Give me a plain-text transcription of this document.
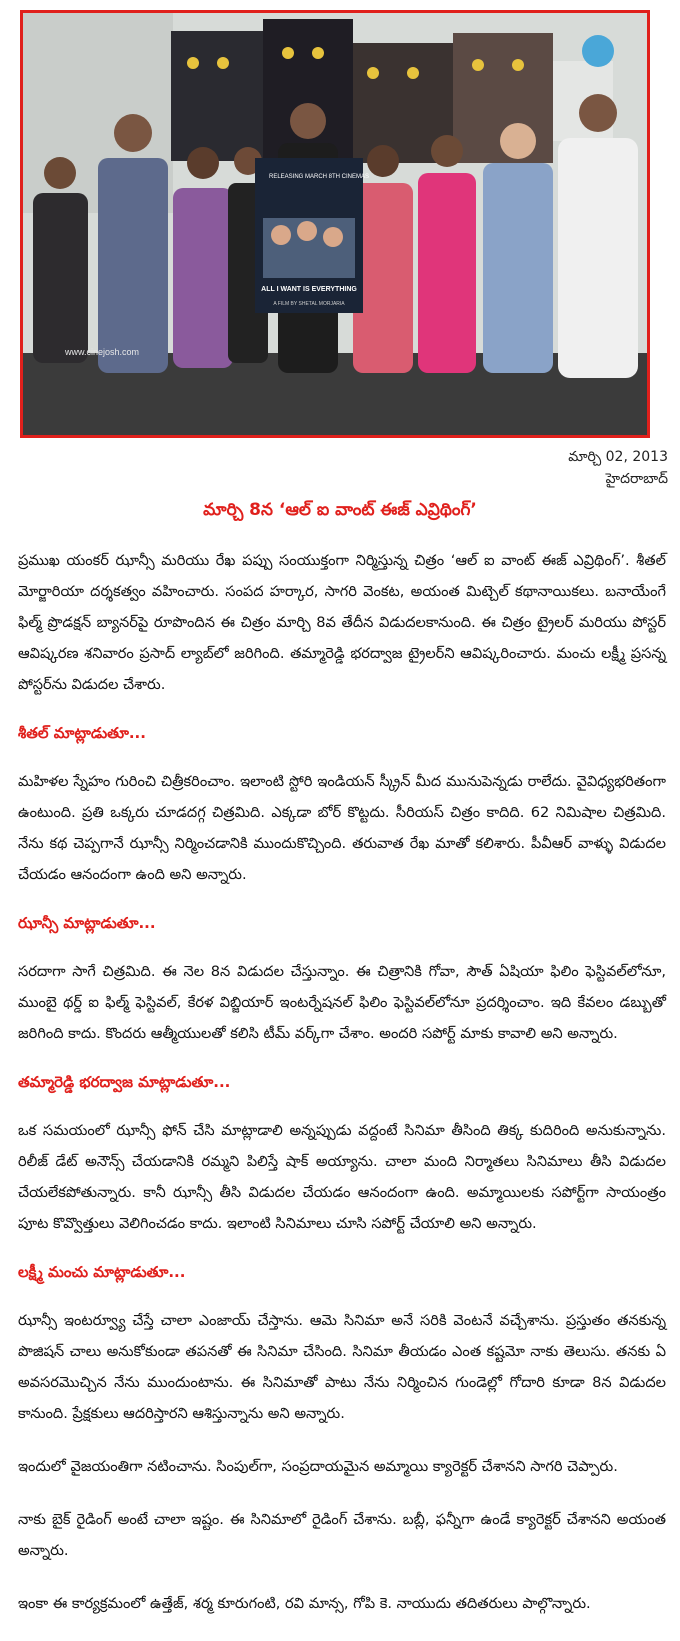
RELEASING MARCH 8TH CINEMAS
ALL I WANT IS EVERYTHING
A FILM BY SHETAL MORJARIA
www.cinejosh.com
మార్చి 02, 2013
హైదరాబాద్
మార్చి 8న ‘ఆల్ ఐ వాంట్ ఈజ్ ఎవ్రిథింగ్’

ప్రముఖ యంకర్ ఝాన్సీ మరియు రేఖ పప్పు సంయుక్తంగా నిర్మిస్తున్న చిత్రం ‘ఆల్ ఐ వాంట్ ఈజ్ ఎవ్రిథింగ్’. శీతల్ మోర్జారియా దర్శకత్వం వహించారు. సంపద హర్కార, సాగరి వెంకట, అయంత మిట్చెల్ కథానాయికలు. బనాయేంగే ఫిల్మ్ ప్రొడక్షన్ బ్యానర్‌పై రూపొందిన ఈ చిత్రం మార్చి 8వ తేదీన విడుదలకానుంది. ఈ చిత్రం ట్రైలర్ మరియు పోస్టర్ ఆవిష్కరణ శనివారం ప్రసాద్ ల్యాబ్‌లో జరిగింది. తమ్మారెడ్డి భరద్వాజ ట్రైలర్‌ని ఆవిష్కరించారు. మంచు లక్ష్మీ ప్రసన్న పోస్టర్‌ను విడుదల చేశారు.

శీతల్ మాట్లాడుతూ...

మహిళల స్నేహం గురించి చిత్రీకరించాం. ఇలాంటి స్టోరి ఇండియన్ స్క్రీన్ మీద మునుపెన్నడు రాలేదు. వైవిధ్యభరితంగా ఉంటుంది. ప్రతి ఒక్కరు చూడదగ్గ చిత్రమిది. ఎక్కడా బోర్ కొట్టదు. సీరియస్ చిత్రం కాదిది. 62 నిమిషాల చిత్రమిది. నేను కథ చెప్పగానే ఝాన్సీ నిర్మించడానికి ముందుకొచ్చింది. తరువాత రేఖ మాతో కలిశారు. పీవీఆర్ వాళ్ళు విడుదల చేయడం ఆనందంగా ఉంది అని అన్నారు.

ఝాన్సీ మాట్లాడుతూ...

సరదాగా సాగే చిత్రమిది. ఈ నెల 8న విడుదల చేస్తున్నాం. ఈ చిత్రానికి గోవా, సౌత్ ఏషియా ఫిలిం ఫెస్టివల్‌లోనూ, ముంబై థర్డ్ ఐ ఫిల్మ్ ఫెస్టివల్, కేరళ విబ్జియార్ ఇంటర్నేషనల్ ఫిలిం ఫెస్టివల్‌లోనూ ప్రదర్శించాం. ఇది కేవలం డబ్బుతో జరిగింది కాదు. కొందరు ఆత్మీయులతో కలిసి టీమ్ వర్క్‌గా చేశాం. అందరి సపోర్ట్ మాకు కావాలి అని అన్నారు.

తమ్మారెడ్డి భరద్వాజ మాట్లాడుతూ...

ఒక సమయంలో ఝాన్సీ ఫోన్ చేసి మాట్లాడాలి అన్నప్పుడు వద్దంటే సినిమా తీసింది తిక్క కుదిరింది అనుకున్నాను. రిలీజ్ డేట్ అనౌన్స్ చేయడానికి రమ్మని పిలిస్తే షాక్ అయ్యాను. చాలా మంది నిర్మాతలు సినిమాలు తీసి విడుదల చేయలేకపోతున్నారు. కానీ ఝాన్సీ తీసి విడుదల చేయడం ఆనందంగా ఉంది. అమ్మాయిలకు సపోర్ట్‌గా సాయంత్రం పూట కొవ్వొత్తులు వెలిగించడం కాదు. ఇలాంటి సినిమాలు చూసి సపోర్ట్ చేయాలి అని అన్నారు.

లక్ష్మీ మంచు మాట్లాడుతూ...

ఝాన్సీ ఇంటర్వ్యూ చేస్తే చాలా ఎంజాయ్ చేస్తాను. ఆమె సినిమా అనే సరికి వెంటనే వచ్చేశాను. ప్రస్తుతం తనకున్న పొజిషన్ చాలు అనుకోకుండా తపనతో ఈ సినిమా చేసింది. సినిమా తీయడం ఎంత కష్టమో నాకు తెలుసు. తనకు ఏ అవసరమొచ్చిన నేను ముందుంటాను. ఈ సినిమాతో పాటు నేను నిర్మించిన గుండెల్లో గోదారి కూడా 8న విడుదల కానుంది. ప్రేక్షకులు ఆదరిస్తారని ఆశిస్తున్నాను అని అన్నారు.

ఇందులో వైజయంతిగా నటించాను. సింపుల్‌గా, సంప్రదాయమైన అమ్మాయి క్యారెక్టర్ చేశానని సాగరి చెప్పారు.

నాకు బైక్ రైడింగ్ అంటే చాలా ఇష్టం. ఈ సినిమాలో రైడింగ్ చేశాను. బబ్లీ, ఫన్నీగా ఉండే క్యారెక్టర్ చేశానని అయంత అన్నారు.

ఇంకా ఈ కార్యక్రమంలో ఉత్తేజ్, శర్మ కూరుగంటి, రవి మాన్స, గోపి కె. నాయుదు తదితరులు పాల్గొన్నారు.
